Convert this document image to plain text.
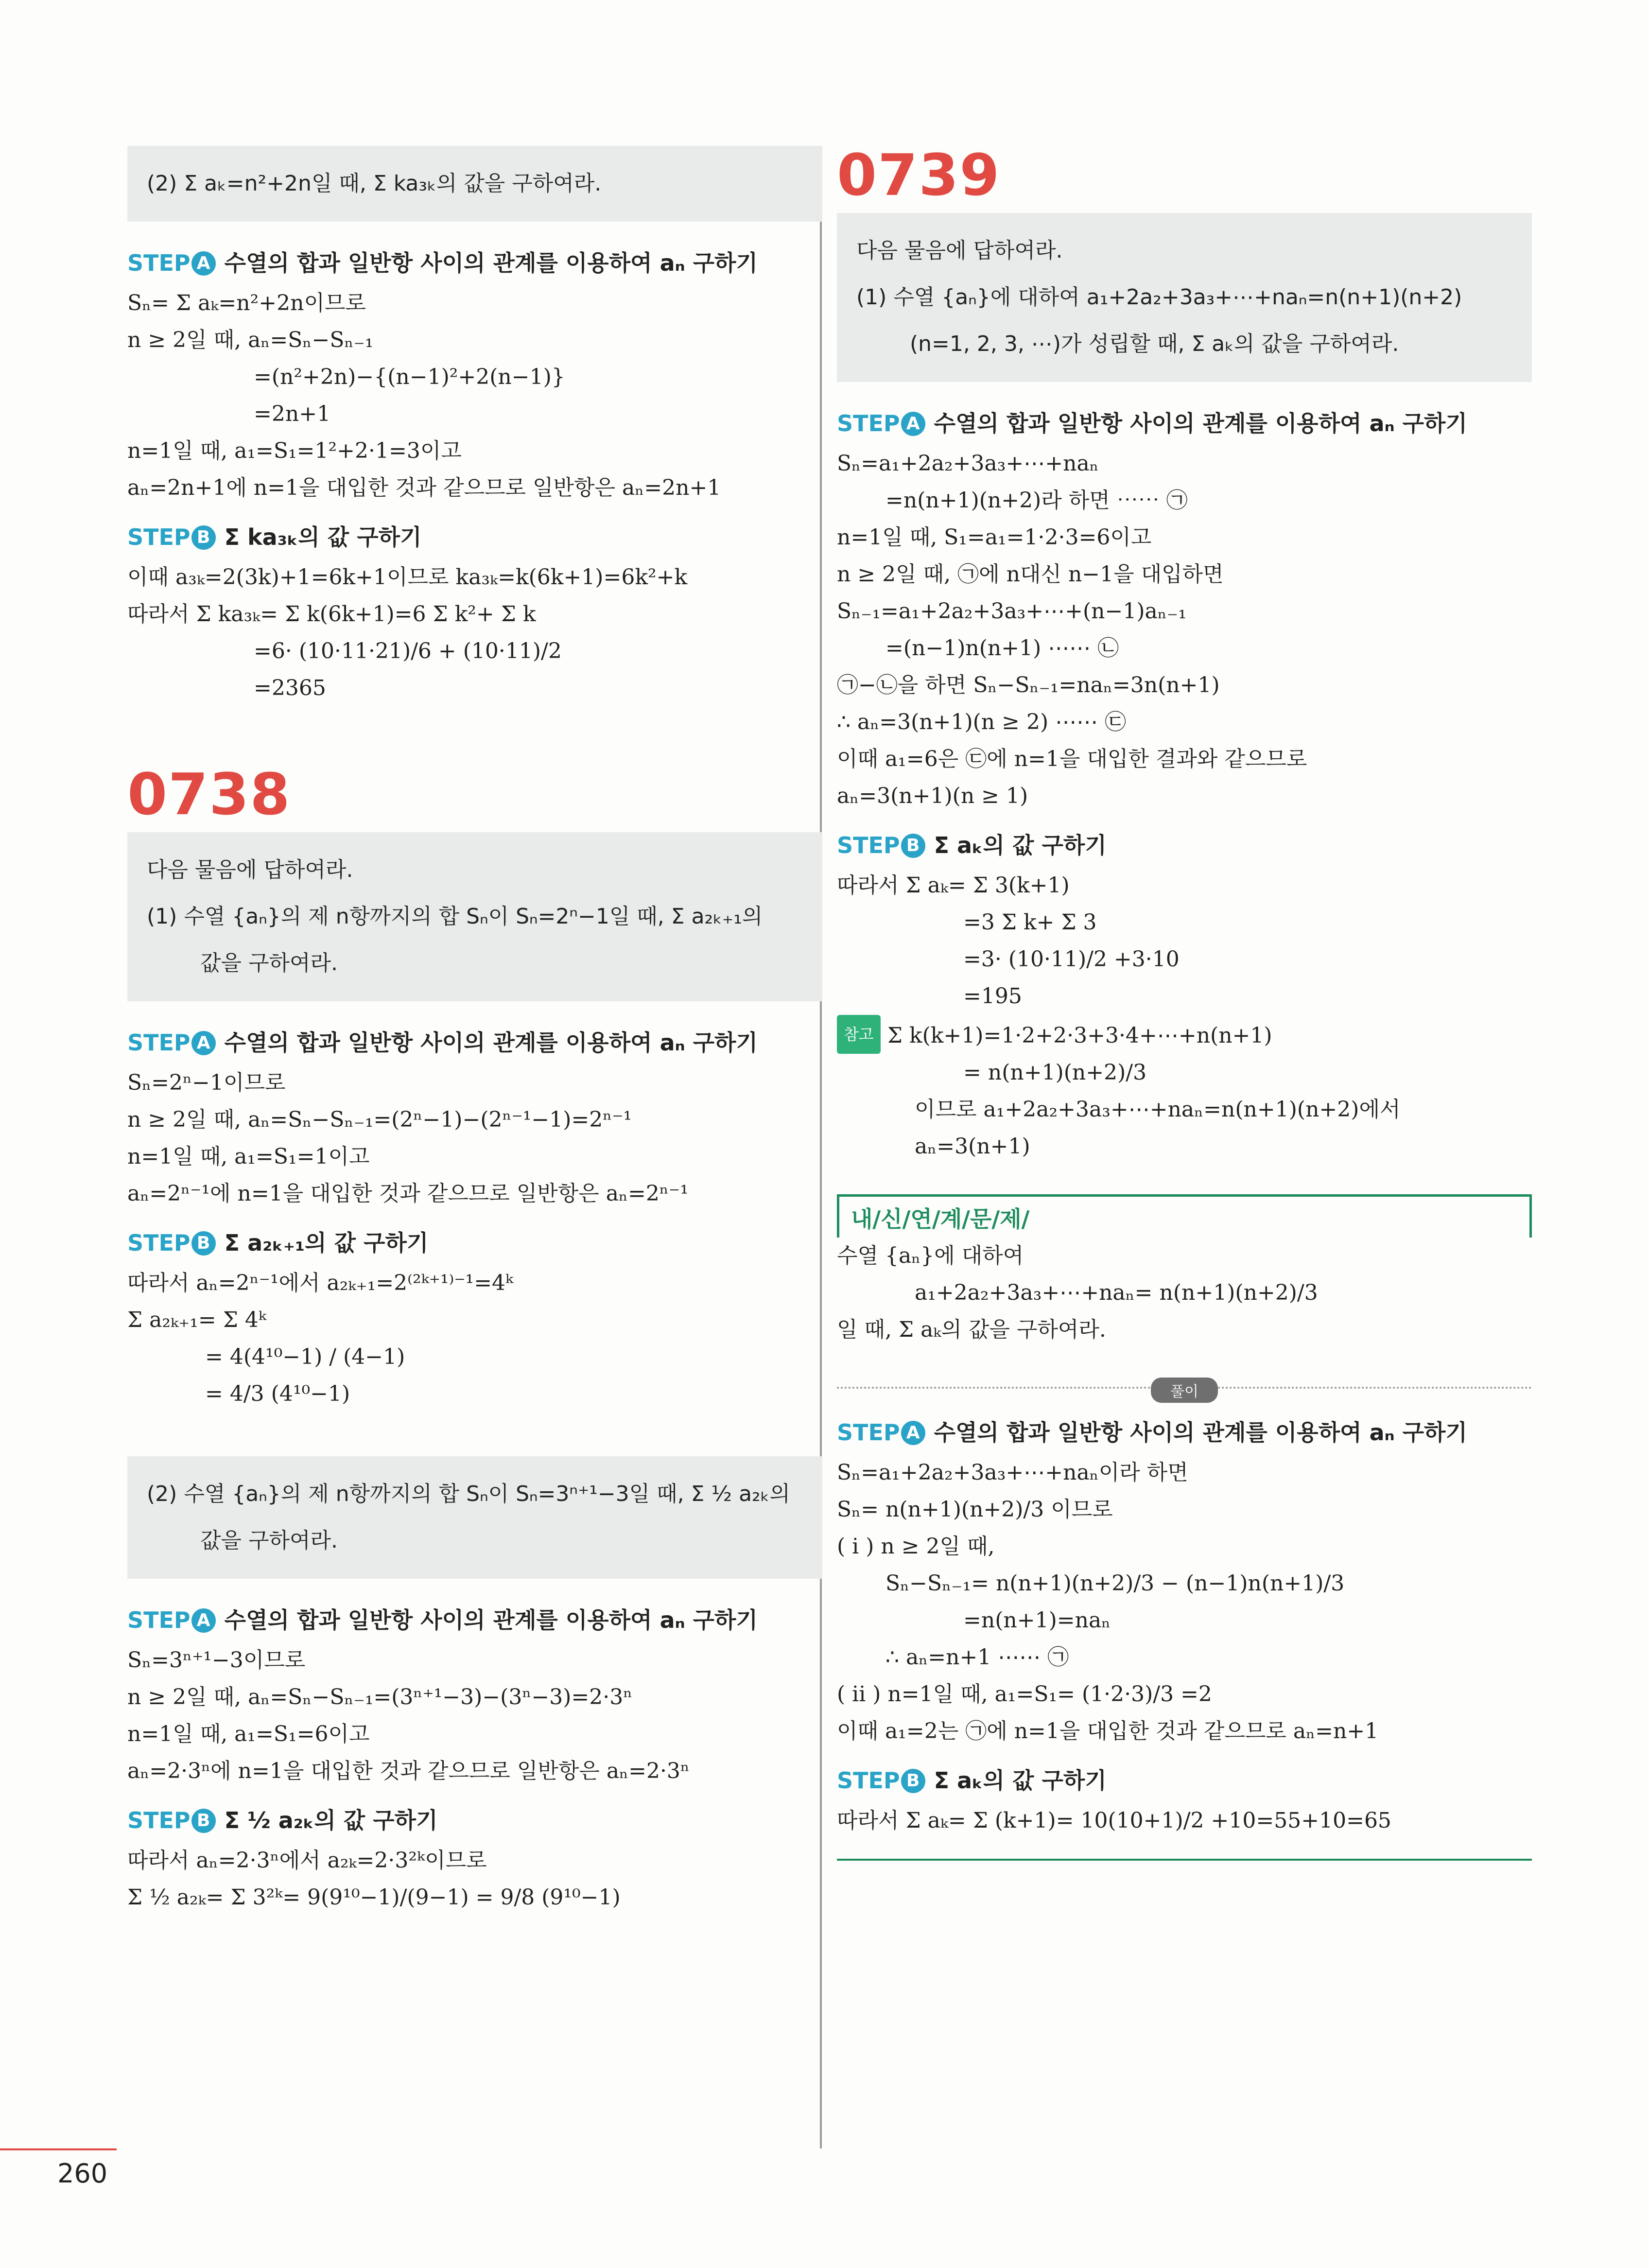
(2) Σ aₖ=n²+2n일 때, Σ ka₃ₖ의 값을 구하여라.
STEP A 수열의 합과 일반항 사이의 관계를 이용하여 aₙ 구하기
Sₙ= Σ aₖ=n²+2n이므로
n ≥ 2일 때, aₙ=Sₙ−Sₙ₋₁
=(n²+2n)−{(n−1)²+2(n−1)}
=2n+1
n=1일 때, a₁=S₁=1²+2·1=3이고
aₙ=2n+1에 n=1을 대입한 것과 같으므로 일반항은 aₙ=2n+1
STEP B Σ ka₃ₖ의 값 구하기
이때 a₃ₖ=2(3k)+1=6k+1이므로 ka₃ₖ=k(6k+1)=6k²+k
따라서 Σ ka₃ₖ= Σ k(6k+1)=6 Σ k²+ Σ k
=6· (10·11·21)/6 + (10·11)/2
=2365
0738
다음 물음에 답하여라.
(1) 수열 {aₙ}의 제 n항까지의 합 Sₙ이 Sₙ=2ⁿ−1일 때, Σ a₂ₖ₊₁의
값을 구하여라.
STEP A 수열의 합과 일반항 사이의 관계를 이용하여 aₙ 구하기
Sₙ=2ⁿ−1이므로
n ≥ 2일 때, aₙ=Sₙ−Sₙ₋₁=(2ⁿ−1)−(2ⁿ⁻¹−1)=2ⁿ⁻¹
n=1일 때, a₁=S₁=1이고
aₙ=2ⁿ⁻¹에 n=1을 대입한 것과 같으므로 일반항은 aₙ=2ⁿ⁻¹
STEP B Σ a₂ₖ₊₁의 값 구하기
따라서 aₙ=2ⁿ⁻¹에서 a₂ₖ₊₁=2⁽²ᵏ⁺¹⁾⁻¹=4ᵏ
Σ a₂ₖ₊₁= Σ 4ᵏ
= 4(4¹⁰−1) / (4−1)
= 4/3 (4¹⁰−1)
(2) 수열 {aₙ}의 제 n항까지의 합 Sₙ이 Sₙ=3ⁿ⁺¹−3일 때, Σ ½ a₂ₖ의
값을 구하여라.
STEP A 수열의 합과 일반항 사이의 관계를 이용하여 aₙ 구하기
Sₙ=3ⁿ⁺¹−3이므로
n ≥ 2일 때, aₙ=Sₙ−Sₙ₋₁=(3ⁿ⁺¹−3)−(3ⁿ−3)=2·3ⁿ
n=1일 때, a₁=S₁=6이고
aₙ=2·3ⁿ에 n=1을 대입한 것과 같으므로 일반항은 aₙ=2·3ⁿ
STEP B Σ ½ a₂ₖ의 값 구하기
따라서 aₙ=2·3ⁿ에서 a₂ₖ=2·3²ᵏ이므로
Σ ½ a₂ₖ= Σ 3²ᵏ= 9(9¹⁰−1)/(9−1) = 9/8 (9¹⁰−1)
0739
다음 물음에 답하여라.
(1) 수열 {aₙ}에 대하여 a₁+2a₂+3a₃+⋯+naₙ=n(n+1)(n+2)
(n=1, 2, 3, ⋯)가 성립할 때, Σ aₖ의 값을 구하여라.
STEP A 수열의 합과 일반항 사이의 관계를 이용하여 aₙ 구하기
Sₙ=a₁+2a₂+3a₃+⋯+naₙ
=n(n+1)(n+2)라 하면 ⋯⋯ ㉠
n=1일 때, S₁=a₁=1·2·3=6이고
n ≥ 2일 때, ㉠에 n대신 n−1을 대입하면
Sₙ₋₁=a₁+2a₂+3a₃+⋯+(n−1)aₙ₋₁
=(n−1)n(n+1) ⋯⋯ ㉡
㉠−㉡을 하면 Sₙ−Sₙ₋₁=naₙ=3n(n+1)
∴ aₙ=3(n+1)(n ≥ 2) ⋯⋯ ㉢
이때 a₁=6은 ㉢에 n=1을 대입한 결과와 같으므로
aₙ=3(n+1)(n ≥ 1)
STEP B Σ aₖ의 값 구하기
따라서 Σ aₖ= Σ 3(k+1)
=3 Σ k+ Σ 3
=3· (10·11)/2 +3·10
=195
참고 Σ k(k+1)=1·2+2·3+3·4+⋯+n(n+1)
= n(n+1)(n+2)/3
이므로 a₁+2a₂+3a₃+⋯+naₙ=n(n+1)(n+2)에서
aₙ=3(n+1)
내/신/연/계/문/제/
수열 {aₙ}에 대하여
a₁+2a₂+3a₃+⋯+naₙ= n(n+1)(n+2)/3
일 때, Σ aₖ의 값을 구하여라.
풀이
STEP A 수열의 합과 일반항 사이의 관계를 이용하여 aₙ 구하기
Sₙ=a₁+2a₂+3a₃+⋯+naₙ이라 하면
Sₙ= n(n+1)(n+2)/3 이므로
( i ) n ≥ 2일 때,
Sₙ−Sₙ₋₁= n(n+1)(n+2)/3 − (n−1)n(n+1)/3
=n(n+1)=naₙ
∴ aₙ=n+1 ⋯⋯ ㉠
( ii ) n=1일 때, a₁=S₁= (1·2·3)/3 =2
이때 a₁=2는 ㉠에 n=1을 대입한 것과 같으므로 aₙ=n+1
STEP B Σ aₖ의 값 구하기
따라서 Σ aₖ= Σ (k+1)= 10(10+1)/2 +10=55+10=65
260
